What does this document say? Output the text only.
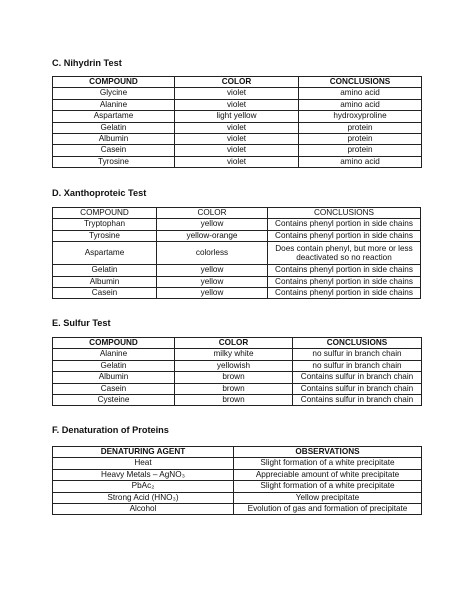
C. Nihydrin Test
COMPOUND	COLOR	CONCLUSIONS
Glycine	violet	amino acid
Alanine	violet	amino acid
Aspartame	light yellow	hydroxyproline
Gelatin	violet	protein
Albumin	violet	protein
Casein	violet	protein
Tyrosine	violet	amino acid
D. Xanthoproteic Test
COMPOUND	COLOR	CONCLUSIONS
Tryptophan	yellow	Contains phenyl portion in side chains
Tyrosine	yellow-orange	Contains phenyl portion in side chains
Aspartame	colorless	Does contain phenyl, but more or less deactivated so no reaction
Gelatin	yellow	Contains phenyl portion in side chains
Albumin	yellow	Contains phenyl portion in side chains
Casein	yellow	Contains phenyl portion in side chains
E. Sulfur Test
COMPOUND	COLOR	CONCLUSIONS
Alanine	milky white	no sulfur in branch chain
Gelatin	yellowish	no sulfur in branch chain
Albumin	brown	Contains sulfur in branch chain
Casein	brown	Contains sulfur in branch chain
Cysteine	brown	Contains sulfur in branch chain
F. Denaturation of Proteins
DENATURING AGENT	OBSERVATIONS
Heat	Slight formation of a white precipitate
Heavy Metals – AgNO₃	Appreciable amount of white precipitate
PbAc₂	Slight formation of a white precipitate
Strong Acid (HNO₃)	Yellow precipitate
Alcohol	Evolution of gas and formation of precipitate
